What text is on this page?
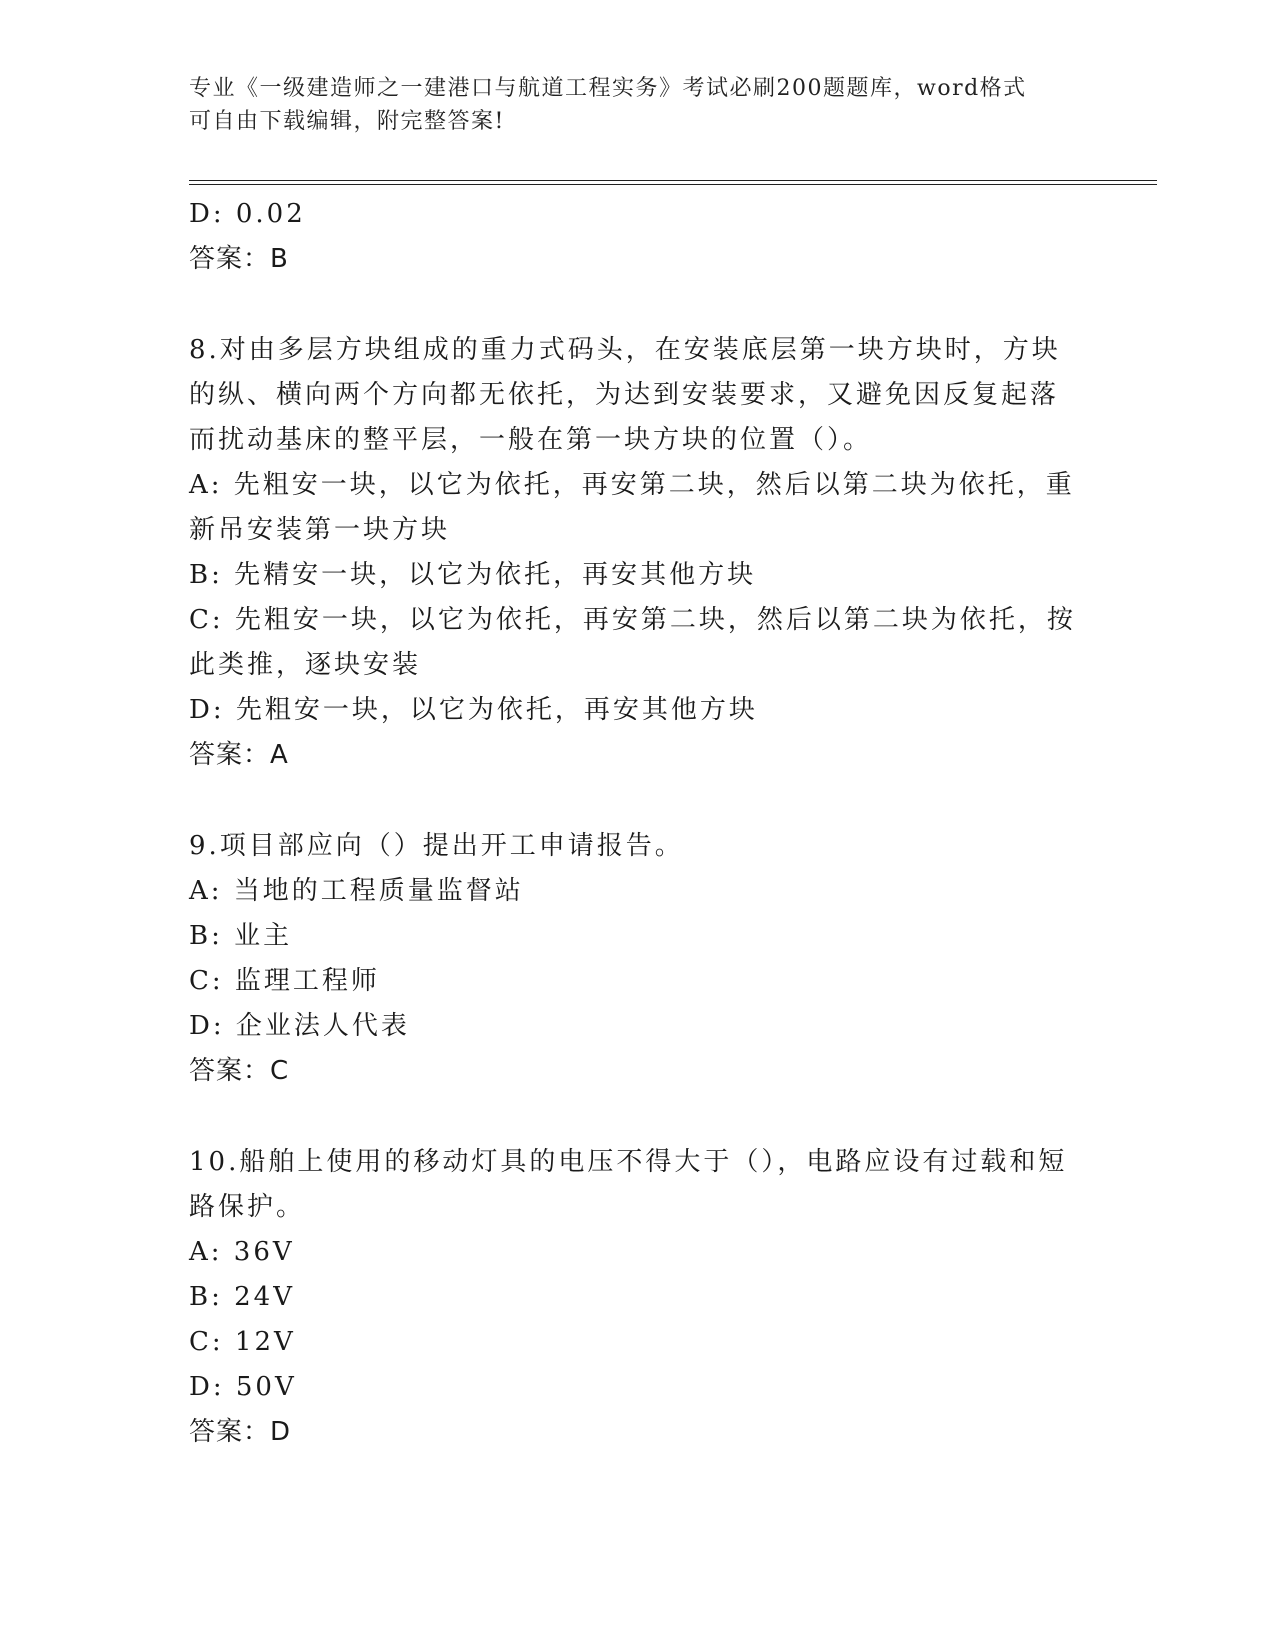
专业《一级建造师之一建港口与航道工程实务》考试必刷200题题库，word格式
可自由下载编辑，附完整答案!
D: 0.02
答案：B
8.对由多层方块组成的重力式码头，在安装底层第一块方块时，方块
的纵、横向两个方向都无依托，为达到安装要求，又避免因反复起落
而扰动基床的整平层，一般在第一块方块的位置（）。
A: 先粗安一块，以它为依托，再安第二块，然后以第二块为依托，重
新吊安装第一块方块
B: 先精安一块，以它为依托，再安其他方块
C: 先粗安一块，以它为依托，再安第二块，然后以第二块为依托，按
此类推，逐块安装
D: 先粗安一块，以它为依托，再安其他方块
答案：A
9.项目部应向（）提出开工申请报告。
A: 当地的工程质量监督站
B: 业主
C: 监理工程师
D: 企业法人代表
答案：C
10.船舶上使用的移动灯具的电压不得大于（），电路应设有过载和短
路保护。
A: 36V
B: 24V
C: 12V
D: 50V
答案：D
